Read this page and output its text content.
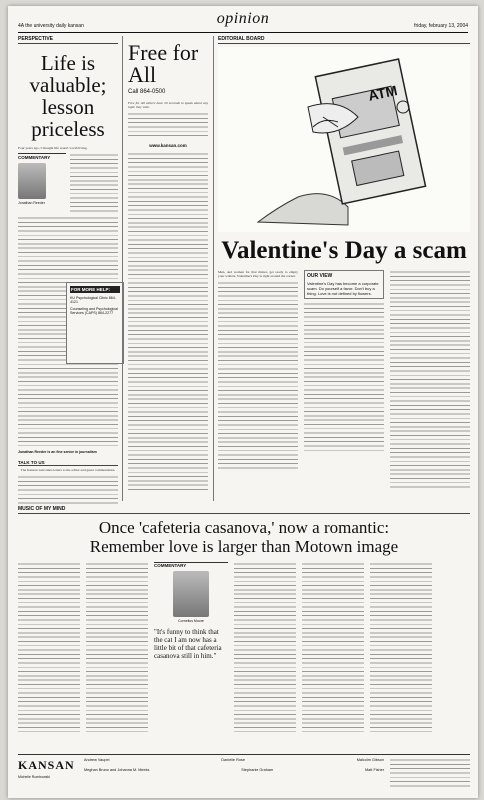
4A the university daily kansan	opinion	friday, february 13, 2004
PERSPECTIVE
Life is valuable; lesson priceless
Four years ago, I thought life wasn't worth living.
COMMENTARY
Jonathan Reeder
Jonathan Reeder is an fine senior in journalism
TALK TO US
The Kansan welcomes letters to the editor and guest commentaries.
FOR MORE HELP:
KU Psychological Clinic 864-4121
Counseling and Psychological Services (CAPS) 864-2277
Free for All
Call 864-0500
Free for All callers have 20 seconds to speak about any topic they wish.
www.kansan.com
EDITORIAL BOARD
ATM
Valentine's Day a scam
Men, and women for that matter, get ready to empty your wallets. Valentine's Day is right around the corner.	OUR VIEW
Valentine's Day has become a corporate scam. Do yourself a favor: Don't buy a thing. Love is not defined by flowers.
MUSIC OF MY MIND
Once 'cafeteria casanova,' now a romantic:
Remember love is larger than Motown image
COMMENTARY
Cornelius Moore
"It's funny to think that the cat I am now has a little bit of that cafeteria casanova still in him."
KANSAN
Michelle Rumbowski
Andrew Vaupel	Danielle Rose	Malcolm Gibson
Meghan Bruno and Johanna M. Meeks	Stephanie Graham	Matt Fisher
